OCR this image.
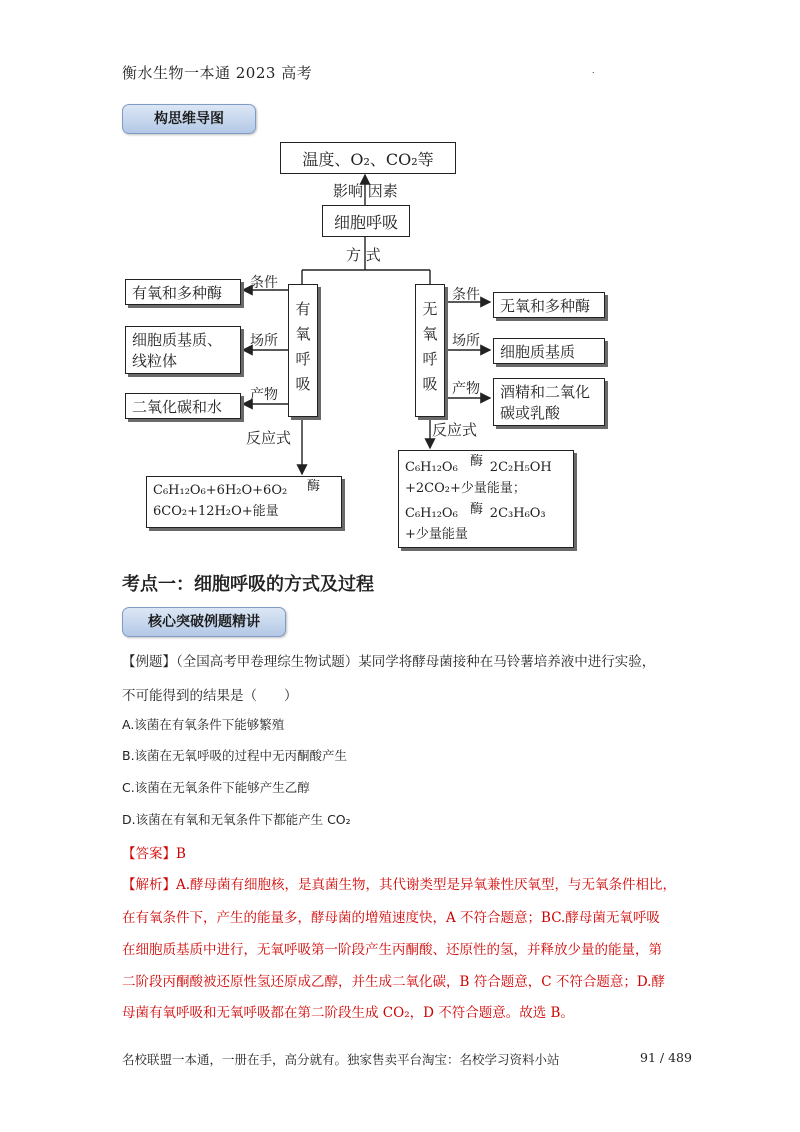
衡水生物一本通 2023 高考	.
构思维导图
温度、O₂、CO₂等
影响 因素
细胞呼吸
方 式
有氧呼吸
条件
有氧和多种酶
场所
细胞质基质、线粒体
产物
二氧化碳和水
反应式
C₆H₁₂O₆+6H₂O+6O₂
6CO₂+12H₂O+能量
酶
无氧呼吸
条件
无氧和多种酶
场所
细胞质基质
产物 酒精和二氧化碳或乳酸
反应式
C₆H₁₂O₆ 2C₂H₅OH
+2CO₂+少量能量；
C₆H₁₂O₆ 2C₃H₆O₃
+少量能量
酶
酶
考点一：细胞呼吸的方式及过程
核心突破例题精讲
【例题】（全国高考甲卷理综生物试题）某同学将酵母菌接种在马铃薯培养液中进行实验，
不可能得到的结果是（　　）
A.该菌在有氧条件下能够繁殖
B.该菌在无氧呼吸的过程中无丙酮酸产生
C.该菌在无氧条件下能够产生乙醇
D.该菌在有氧和无氧条件下都能产生 CO₂
【答案】B
【解析】A.酵母菌有细胞核，是真菌生物，其代谢类型是异氧兼性厌氧型，与无氧条件相比，
在有氧条件下，产生的能量多，酵母菌的增殖速度快，A 不符合题意；BC.酵母菌无氧呼吸
在细胞质基质中进行，无氧呼吸第一阶段产生丙酮酸、还原性的氢，并释放少量的能量，第
二阶段丙酮酸被还原性氢还原成乙醇，并生成二氧化碳，B 符合题意，C 不符合题意；D.酵
母菌有氧呼吸和无氧呼吸都在第二阶段生成 CO₂，D 不符合题意。故选 B。
名校联盟一本通，一册在手，高分就有。独家售卖平台淘宝：名校学习资料小站	91 / 489
